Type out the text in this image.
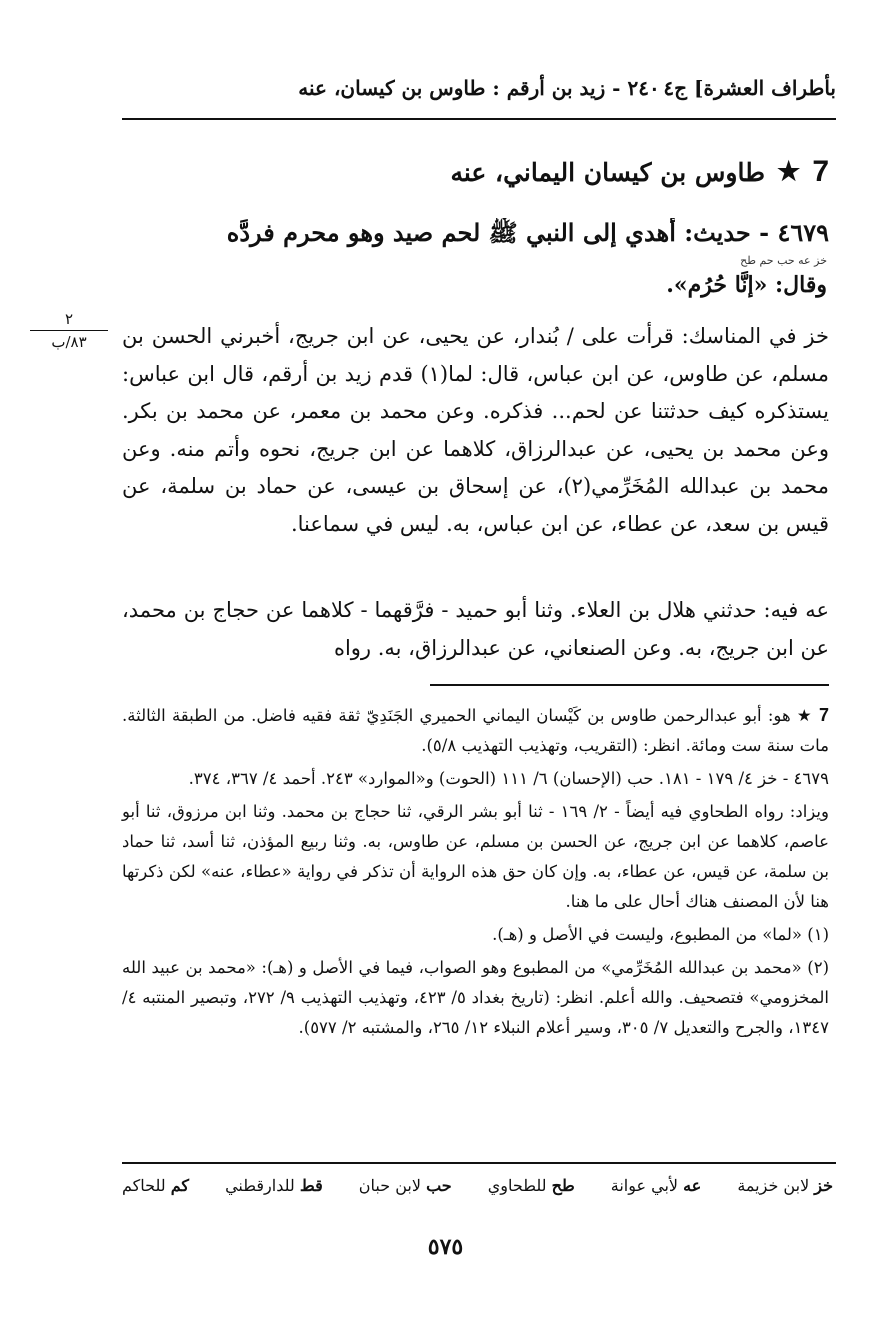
بأطراف العشرة] ج٤
٢٤٠ - زيد بن أرقم : طاوس بن كيسان، عنه
7
★
طاوس بن كيسان اليماني، عنه
٤٦٧٩ - حديث: أهدي إلى النبي ﷺ لحم صيد وهو محرم فردَّه
خز عه حب حم طح
وقال: «إنَّا حُرُم».
٢
٨٣/ب	خز في المناسك: قرأت على / بُندار، عن يحيى، عن ابن جريج، أخبرني الحسن بن مسلم، عن طاوس، عن ابن عباس، قال: لما(١) قدم زيد بن أرقم، قال ابن عباس: يستذكره كيف حدثتنا عن لحم... فذكره. وعن محمد بن معمر، عن محمد بن بكر. وعن محمد بن يحيى، عن عبدالرزاق، كلاهما عن ابن جريج، نحوه وأتم منه. وعن محمد بن عبدالله المُخَرِّمي(٢)، عن إسحاق بن عيسى، عن حماد بن سلمة، عن قيس بن سعد، عن عطاء، عن ابن عباس، به. ليس في سماعنا.
عه فيه: حدثني هلال بن العلاء. وثنا أبو حميد - فرَّقهما - كلاهما عن حجاج بن محمد، عن ابن جريج، به. وعن الصنعاني، عن عبدالرزاق، به. رواه

7 ★ هو: أبو عبدالرحمن طاوس بن كَيْسان اليماني الحميري الجَنَدِيّ ثقة فقيه فاضل. من الطبقة الثالثة. مات سنة ست ومائة. انظر: (التقريب، وتهذيب التهذيب ٥/٨).

٤٦٧٩ - خز ٤/ ١٧٩ - ١٨١. حب (الإحسان) ٦/ ١١١ (الحوت) و«الموارد» ٢٤٣. أحمد ٤/ ٣٦٧، ٣٧٤.

ويزاد: رواه الطحاوي فيه أيضاً - ٢/ ١٦٩ - ثنا أبو بشر الرقي، ثنا حجاج بن محمد. وثنا ابن مرزوق، ثنا أبو عاصم، كلاهما عن ابن جريج، عن الحسن بن مسلم، عن طاوس، به. وثنا ربيع المؤذن، ثنا أسد، ثنا حماد بن سلمة، عن قيس، عن عطاء، به. وإن كان حق هذه الرواية أن تذكر في رواية «عطاء، عنه» لكن ذكرتها هنا لأن المصنف هناك أحال على ما هنا.

(١) «لما» من المطبوع، وليست في الأصل و (هـ).

(٢) «محمد بن عبدالله المُخَرِّمي» من المطبوع وهو الصواب، فيما في الأصل و (هـ): «محمد بن عبيد الله المخزومي» فتصحيف. والله أعلم. انظر: (تاريخ بغداد ٥/ ٤٢٣، وتهذيب التهذيب ٩/ ٢٧٢، وتبصير المنتبه ٤/ ١٣٤٧، والجرح والتعديل ٧/ ٣٠٥، وسير أعلام النبلاء ١٢/ ٢٦٥، والمشتبه ٢/ ٥٧٧).

خز لابن خزيمة
عه لأبي عوانة
طح للطحاوي
حب لابن حبان
قط للدارقطني
كم للحاكم
٥٧٥
